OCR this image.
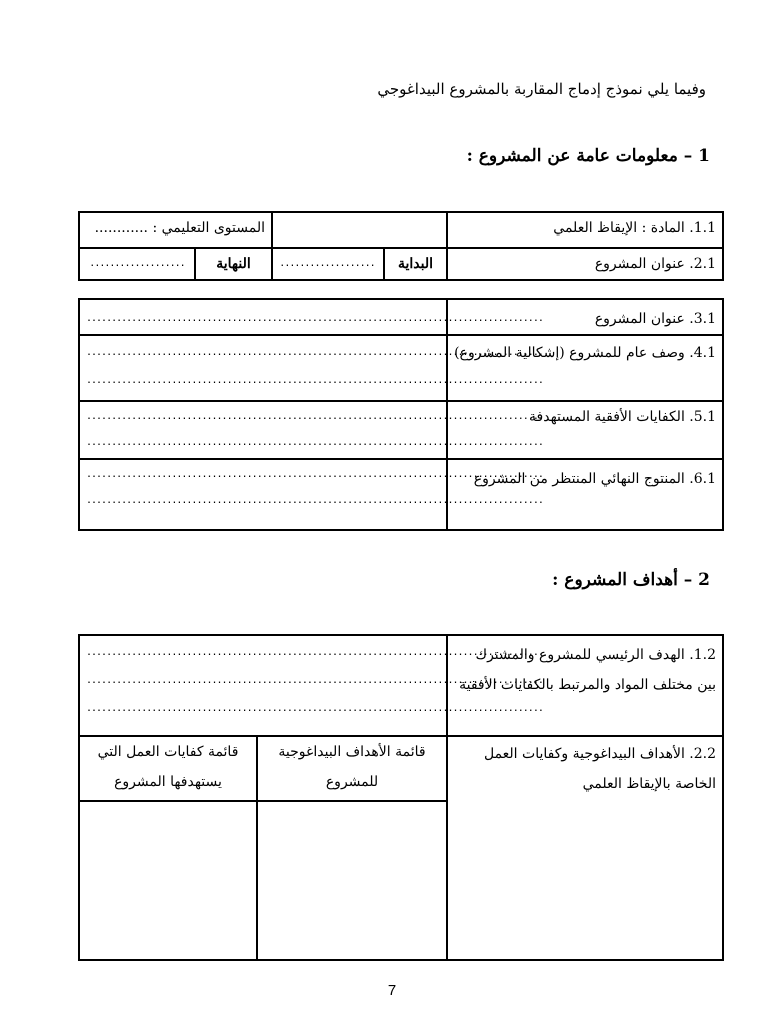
وفيما يلي نموذج إدماج المقاربة بالمشروع البيداغوجي
1 – معلومات عامة عن المشروع :
1.1. المادة : الإيقاظ العلمي
المستوى التعليمي : ............
2.1. عنوان المشروع
البداية
...................
النهاية
...................
3.1. عنوان المشروع
...........................................................................................
4.1. وصف عام للمشروع (إشكالية المشروع)
...........................................................................................
...........................................................................................
5.1. الكفايات الأفقية المستهدفة
...........................................................................................
...........................................................................................
6.1. المنتوج النهائي المنتظر من المشروع
...........................................................................................
...........................................................................................
2 – أهداف المشروع :
1.2. الهدف الرئيسي للمشروع والمشترك بين مختلف المواد والمرتبط بالكفايات الأفقية
...........................................................................................
...........................................................................................
...........................................................................................
2.2. الأهداف البيداغوجية وكفايات العمل الخاصة بالإيقاظ العلمي
قائمة الأهداف البيداغوجية للمشروع
قائمة كفايات العمل التي يستهدفها المشروع
7
